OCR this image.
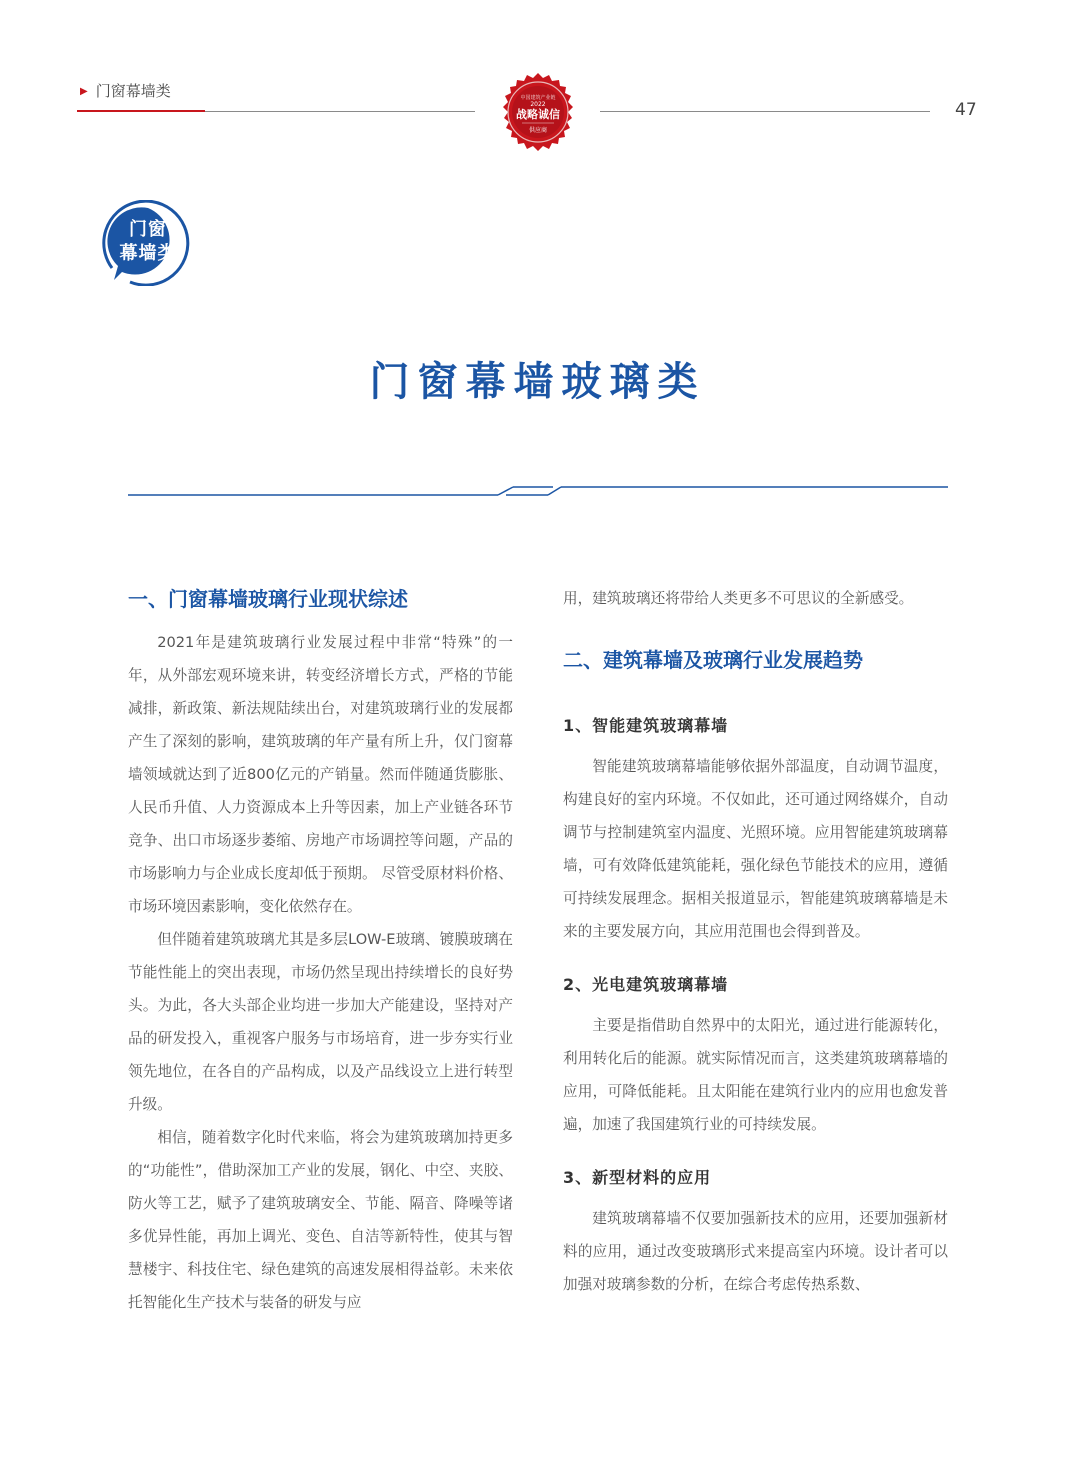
▶ 门窗幕墙类
47
中国建筑产业链
2022
战略诚信
供应商
门窗
幕墙类
门窗幕墙玻璃类
一、门窗幕墙玻璃行业现状综述

2021年是建筑玻璃行业发展过程中非常“特殊”的一年，从外部宏观环境来讲，转变经济增长方式，严格的节能减排，新政策、新法规陆续出台，对建筑玻璃行业的发展都产生了深刻的影响，建筑玻璃的年产量有所上升，仅门窗幕墙领域就达到了近800亿元的产销量。然而伴随通货膨胀、人民币升值、人力资源成本上升等因素，加上产业链各环节竞争、出口市场逐步萎缩、房地产市场调控等问题，产品的市场影响力与企业成长度却低于预期。 尽管受原材料价格、市场环境因素影响，变化依然存在。

但伴随着建筑玻璃尤其是多层LOW-E玻璃、镀膜玻璃在节能性能上的突出表现，市场仍然呈现出持续增长的良好势头。为此，各大头部企业均进一步加大产能建设，坚持对产品的研发投入，重视客户服务与市场培育，进一步夯实行业领先地位，在各自的产品构成，以及产品线设立上进行转型升级。

相信，随着数字化时代来临，将会为建筑玻璃加持更多的“功能性”，借助深加工产业的发展，钢化、中空、夹胶、防火等工艺，赋予了建筑玻璃安全、节能、隔音、降噪等诸多优异性能，再加上调光、变色、自洁等新特性，使其与智慧楼宇、科技住宅、绿色建筑的高速发展相得益彰。未来依托智能化生产技术与装备的研发与应

用，建筑玻璃还将带给人类更多不可思议的全新感受。

二、建筑幕墙及玻璃行业发展趋势
1、智能建筑玻璃幕墙

智能建筑玻璃幕墙能够依据外部温度，自动调节温度，构建良好的室内环境。不仅如此，还可通过网络媒介，自动调节与控制建筑室内温度、光照环境。应用智能建筑玻璃幕墙，可有效降低建筑能耗，强化绿色节能技术的应用，遵循可持续发展理念。据相关报道显示，智能建筑玻璃幕墙是未来的主要发展方向，其应用范围也会得到普及。

2、光电建筑玻璃幕墙

主要是指借助自然界中的太阳光，通过进行能源转化，利用转化后的能源。就实际情况而言，这类建筑玻璃幕墙的应用，可降低能耗。且太阳能在建筑行业内的应用也愈发普遍，加速了我国建筑行业的可持续发展。

3、新型材料的应用

建筑玻璃幕墙不仅要加强新技术的应用，还要加强新材料的应用，通过改变玻璃形式来提高室内环境。设计者可以加强对玻璃参数的分析，在综合考虑传热系数、
